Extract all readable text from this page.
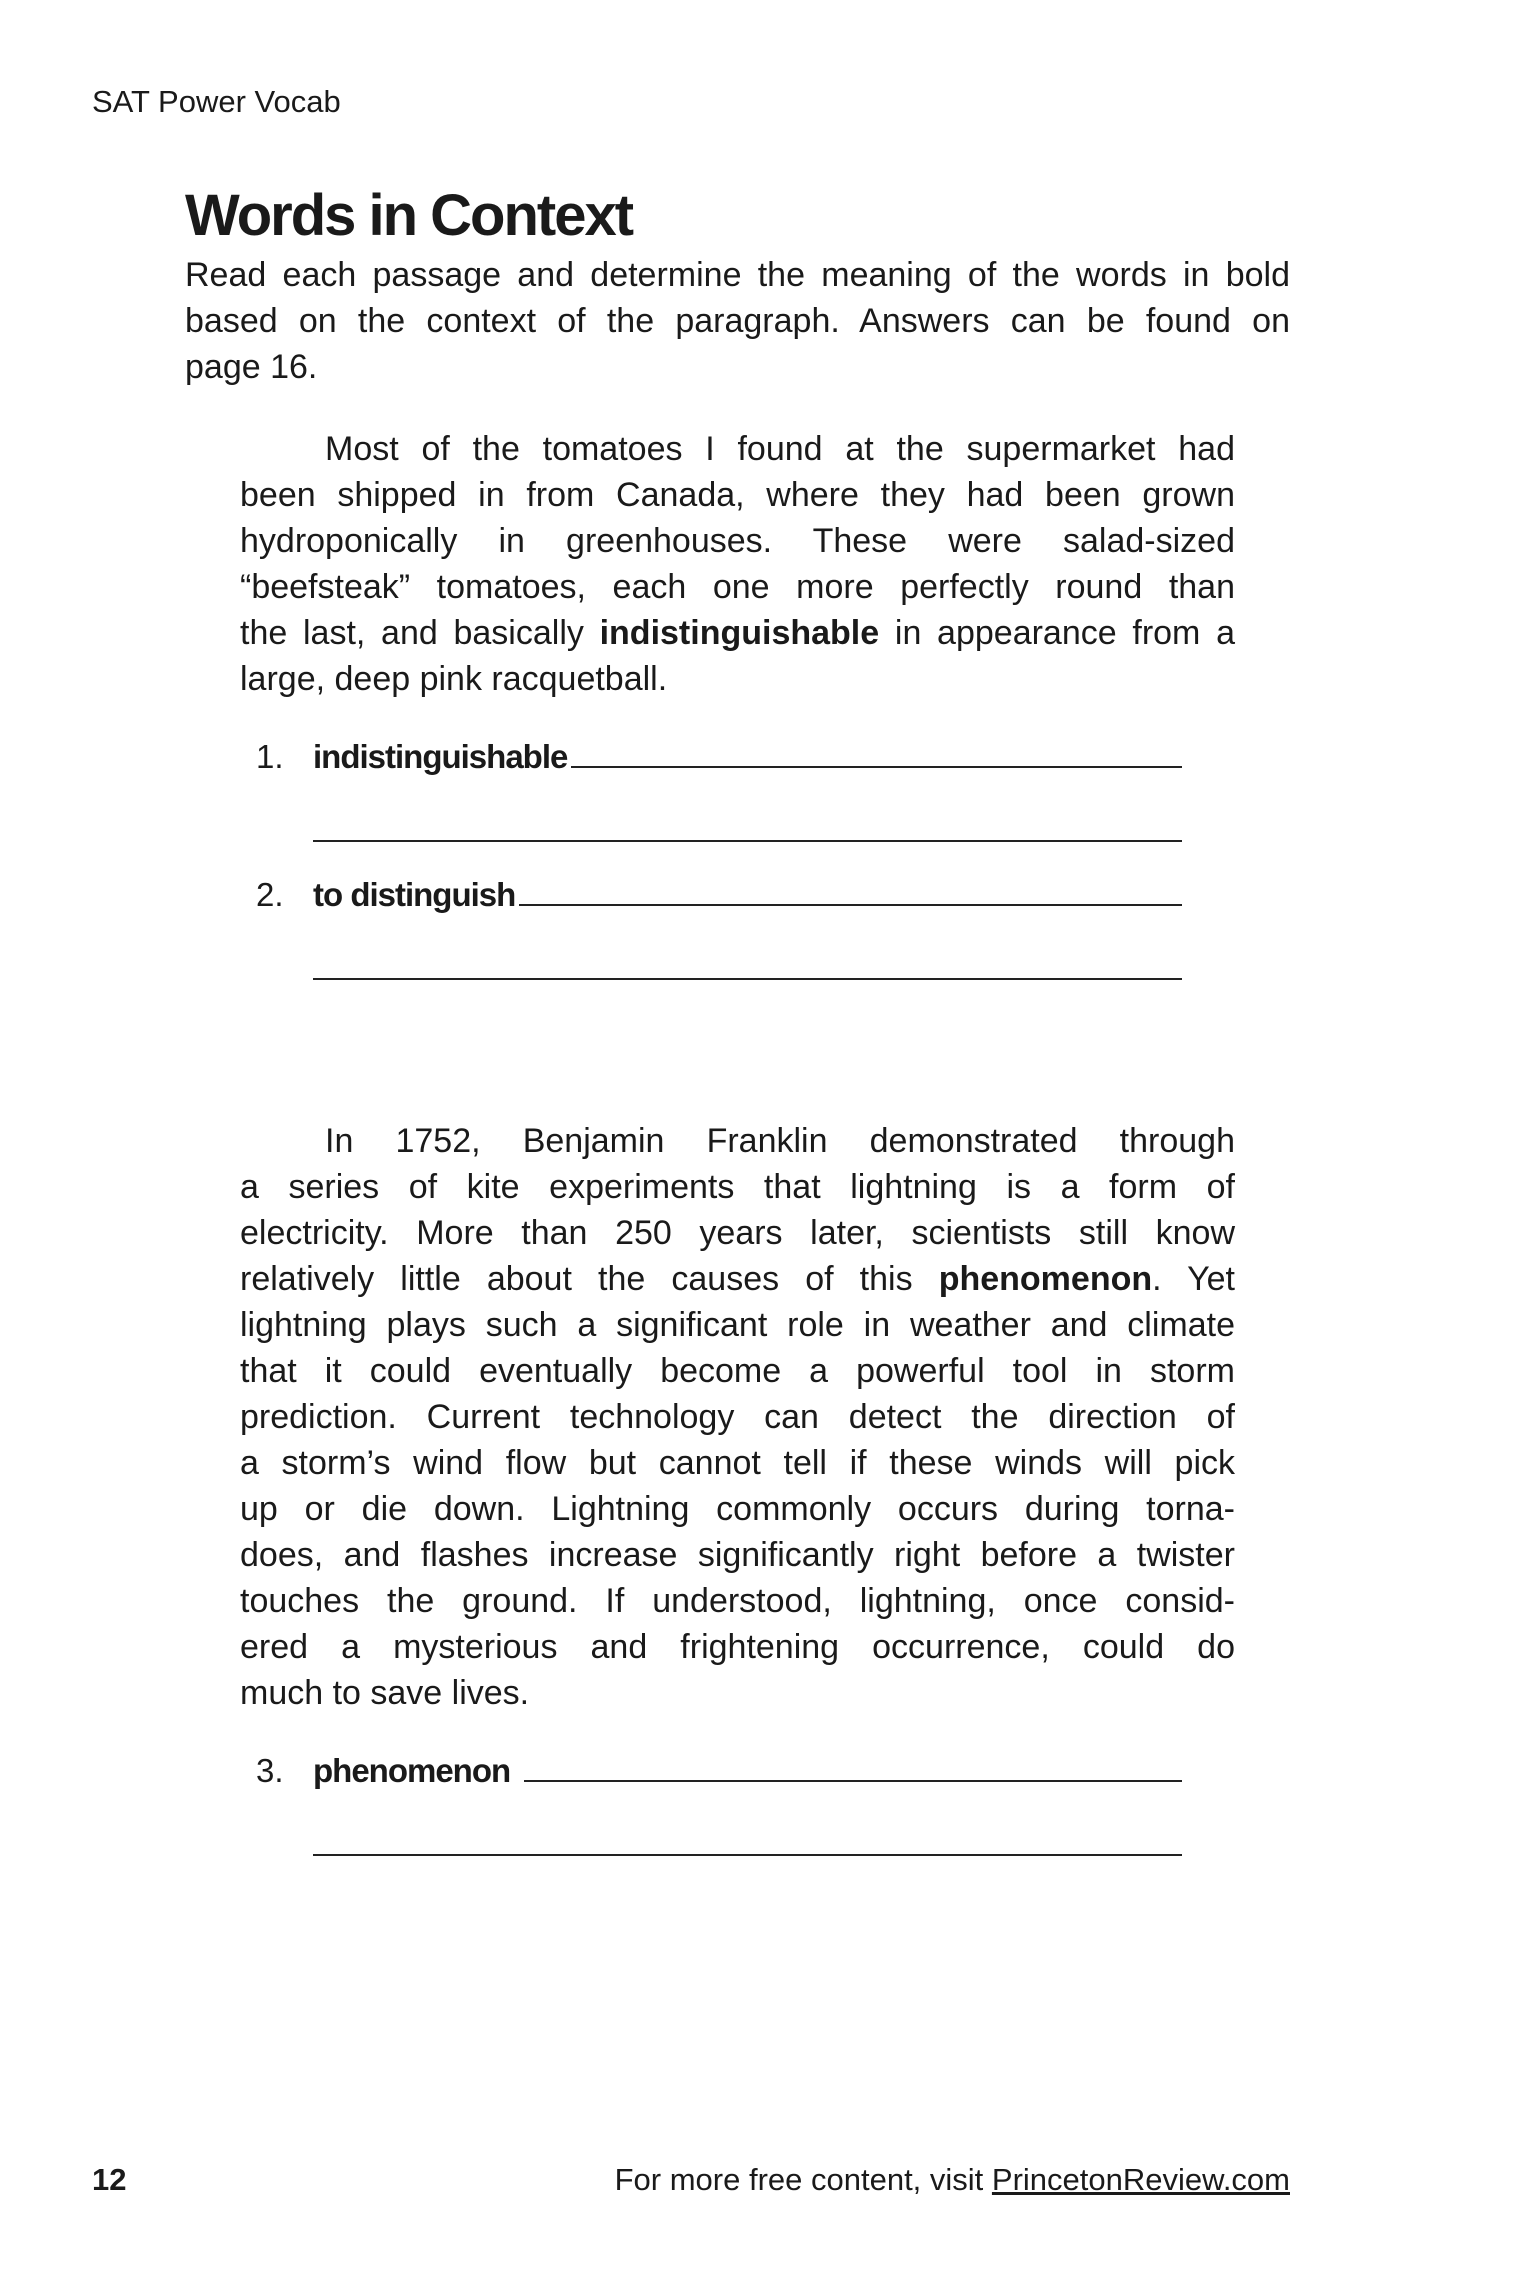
SAT Power Vocab
Words in Context
Read each passage and determine the meaning of the words in bold
based on the context of the paragraph. Answers can be found on
page 16.
Most of the tomatoes I found at the supermarket had
been shipped in from Canada, where they had been grown
hydroponically in greenhouses. These were salad-sized
“beefsteak” tomatoes, each one more perfectly round than
the last, and basically indistinguishable in appearance from a
large, deep pink racquetball.
1. indistinguishable
2. to distinguish
In 1752, Benjamin Franklin demonstrated through
a series of kite experiments that lightning is a form of
electricity. More than 250 years later, scientists still know
relatively little about the causes of this phenomenon. Yet
lightning plays such a significant role in weather and climate
that it could eventually become a powerful tool in storm
prediction. Current technology can detect the direction of
a storm’s wind flow but cannot tell if these winds will pick
up or die down. Lightning commonly occurs during torna-
does, and flashes increase significantly right before a twister
touches the ground. If understood, lightning, once consid-
ered a mysterious and frightening occurrence, could do
much to save lives.
3. phenomenon
12	For more free content, visit PrincetonReview.com
